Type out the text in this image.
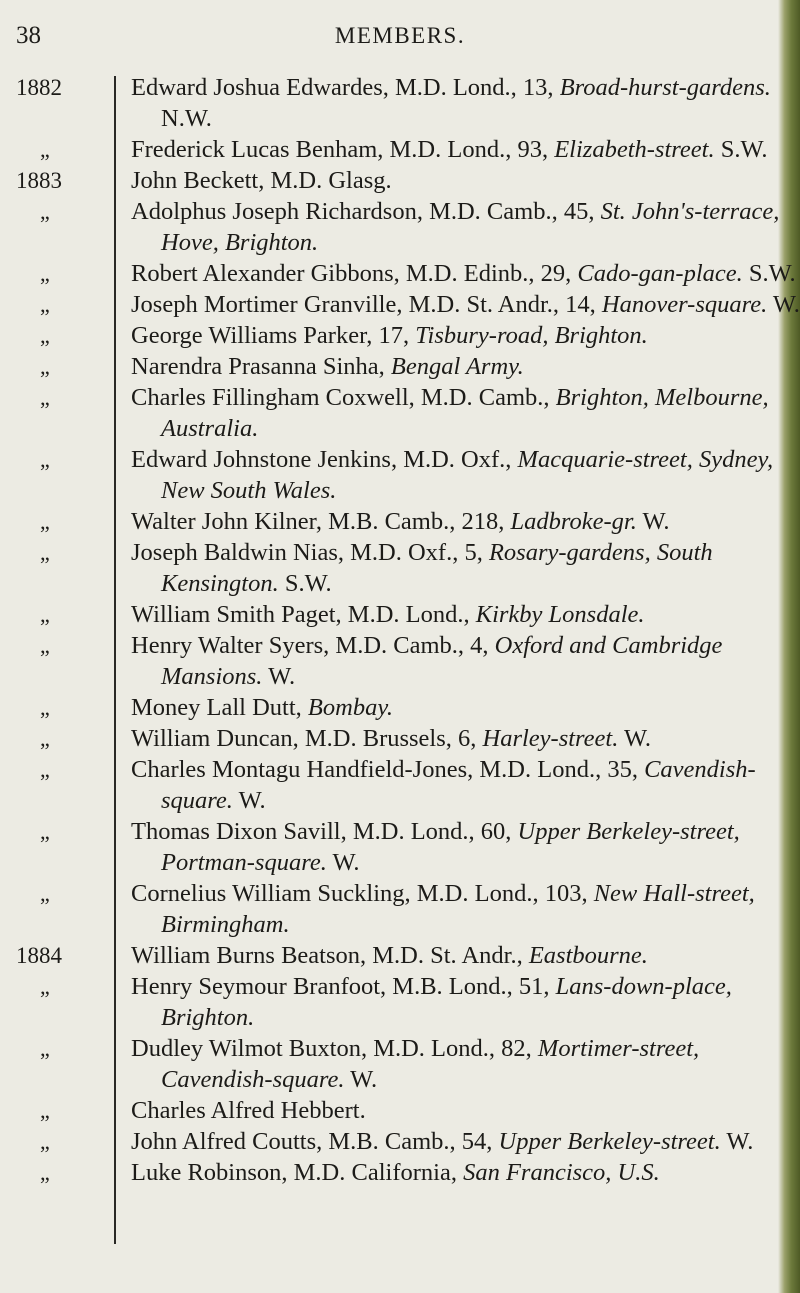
38	MEMBERS.
1882	Edward Joshua Edwardes, M.D. Lond., 13, Broad-hurst-gardens. N.W.
„	Frederick Lucas Benham, M.D. Lond., 93, Elizabeth-street. S.W.
1883	John Beckett, M.D. Glasg.
„	Adolphus Joseph Richardson, M.D. Camb., 45, St. John's-terrace, Hove, Brighton.
„	Robert Alexander Gibbons, M.D. Edinb., 29, Cado-gan-place. S.W.
„	Joseph Mortimer Granville, M.D. St. Andr., 14, Hanover-square. W.
„	George Williams Parker, 17, Tisbury-road, Brighton.
„	Narendra Prasanna Sinha, Bengal Army.
„	Charles Fillingham Coxwell, M.D. Camb., Brighton, Melbourne, Australia.
„	Edward Johnstone Jenkins, M.D. Oxf., Macquarie-street, Sydney, New South Wales.
„	Walter John Kilner, M.B. Camb., 218, Ladbroke-gr. W.
„	Joseph Baldwin Nias, M.D. Oxf., 5, Rosary-gardens, South Kensington. S.W.
„	William Smith Paget, M.D. Lond., Kirkby Lonsdale.
„	Henry Walter Syers, M.D. Camb., 4, Oxford and Cambridge Mansions. W.
„	Money Lall Dutt, Bombay.
„	William Duncan, M.D. Brussels, 6, Harley-street. W.
„	Charles Montagu Handfield-Jones, M.D. Lond., 35, Cavendish-square. W.
„	Thomas Dixon Savill, M.D. Lond., 60, Upper Berkeley-street, Portman-square. W.
„	Cornelius William Suckling, M.D. Lond., 103, New Hall-street, Birmingham.
1884	William Burns Beatson, M.D. St. Andr., Eastbourne.
„	Henry Seymour Branfoot, M.B. Lond., 51, Lans-down-place, Brighton.
„	Dudley Wilmot Buxton, M.D. Lond., 82, Mortimer-street, Cavendish-square. W.
„	Charles Alfred Hebbert.
„	John Alfred Coutts, M.B. Camb., 54, Upper Berkeley-street. W.
„	Luke Robinson, M.D. California, San Francisco, U.S.
